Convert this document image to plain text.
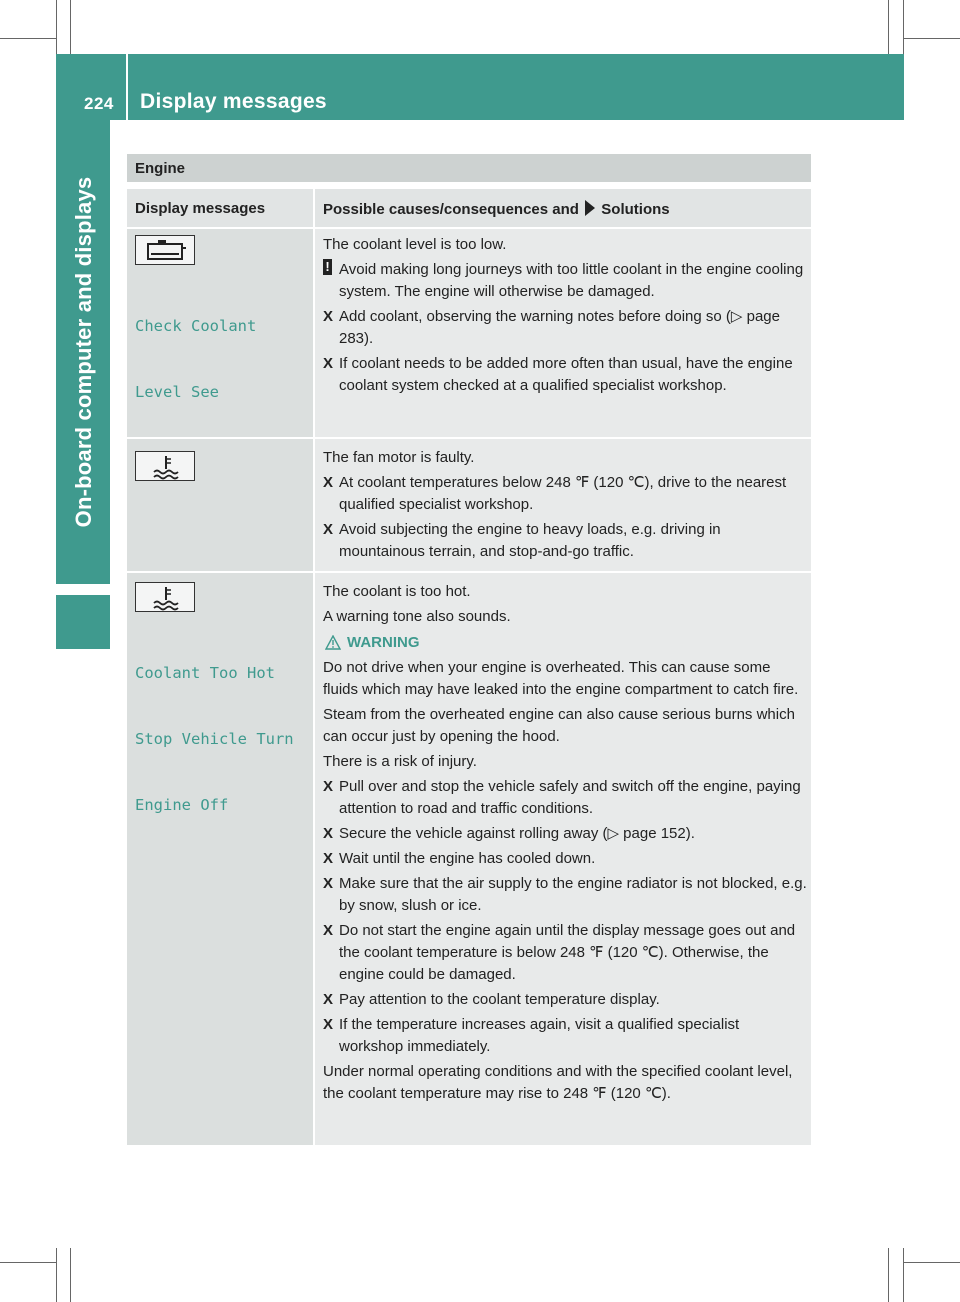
224 Display messages
On-board computer and displays
Engine
Display messages	Possible causes/consequences and Solutions

Check Coolant

Level See

The coolant level is too low.
! Avoid making long journeys with too little coolant in the engine cooling system. The engine will otherwise be damaged.
X Add coolant, observing the warning notes before doing so (▷ page 283).
X If coolant needs to be added more often than usual, have the engine coolant system checked at a qualified specialist workshop.
The fan motor is faulty.
X At coolant temperatures below 248 ℉ (120 ℃), drive to the nearest qualified specialist workshop.
X Avoid subjecting the engine to heavy loads, e.g. driving in mountainous terrain, and stop-and-go traffic.

Coolant Too Hot

Stop Vehicle Turn

Engine Off

The coolant is too hot.
A warning tone also sounds.
WARNING
Do not drive when your engine is overheated. This can cause some fluids which may have leaked into the engine compartment to catch fire.
Steam from the overheated engine can also cause serious burns which can occur just by opening the hood.
There is a risk of injury.
X Pull over and stop the vehicle safely and switch off the engine, paying attention to road and traffic conditions.
X Secure the vehicle against rolling away (▷ page 152).
X Wait until the engine has cooled down.
X Make sure that the air supply to the engine radiator is not blocked, e.g. by snow, slush or ice.
X Do not start the engine again until the display message goes out and the coolant temperature is below 248 ℉ (120 ℃). Otherwise, the engine could be damaged.
X Pay attention to the coolant temperature display.
X If the temperature increases again, visit a qualified specialist workshop immediately.
Under normal operating conditions and with the specified coolant level, the coolant temperature may rise to 248 ℉ (120 ℃).
